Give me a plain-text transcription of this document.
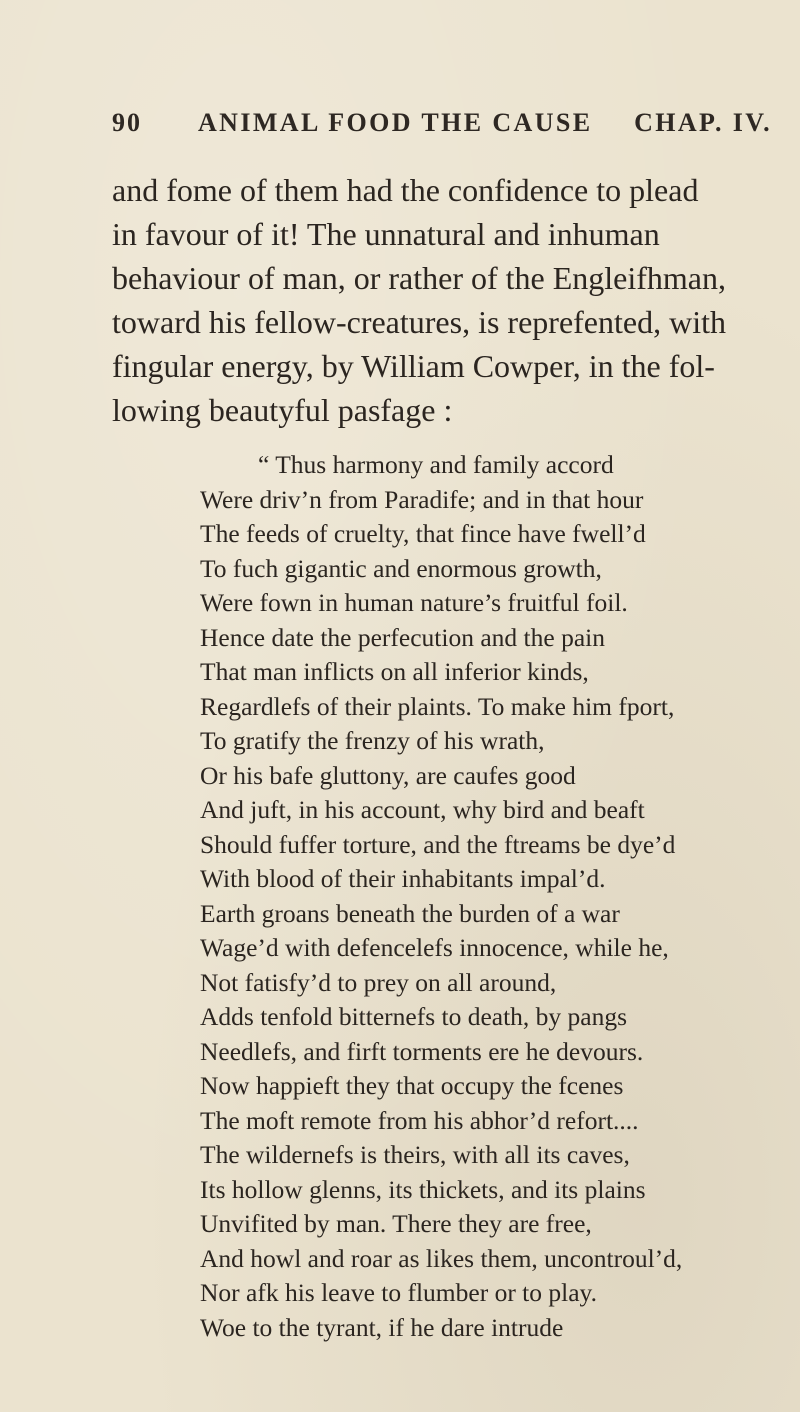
90 ANIMAL FOOD THE CAUSE CHAP. IV.
and fome of them had the confidence to plead
in favour of it! The unnatural and inhuman
behaviour of man, or rather of the Engleifhman,
toward his fellow-creatures, is reprefented, with
fingular energy, by William Cowper, in the fol-
lowing beautyful pasfage :
“ Thus harmony and family accord
Were driv’n from Paradife; and in that hour
The feeds of cruelty, that fince have fwell’d
To fuch gigantic and enormous growth,
Were fown in human nature’s fruitful foil.
Hence date the perfecution and the pain
That man inflicts on all inferior kinds,
Regardlefs of their plaints. To make him fport,
To gratify the frenzy of his wrath,
Or his bafe gluttony, are caufes good
And juft, in his account, why bird and beaft
Should fuffer torture, and the ftreams be dye’d
With blood of their inhabitants impal’d.
Earth groans beneath the burden of a war
Wage’d with defencelefs innocence, while he,
Not fatisfy’d to prey on all around,
Adds tenfold bitternefs to death, by pangs
Needlefs, and firft torments ere he devours.
Now happieft they that occupy the fcenes
The moft remote from his abhor’d refort....
The wildernefs is theirs, with all its caves,
Its hollow glenns, its thickets, and its plains
Unvifited by man. There they are free,
And howl and roar as likes them, uncontroul’d,
Nor afk his leave to flumber or to play.
Woe to the tyrant, if he dare intrude
